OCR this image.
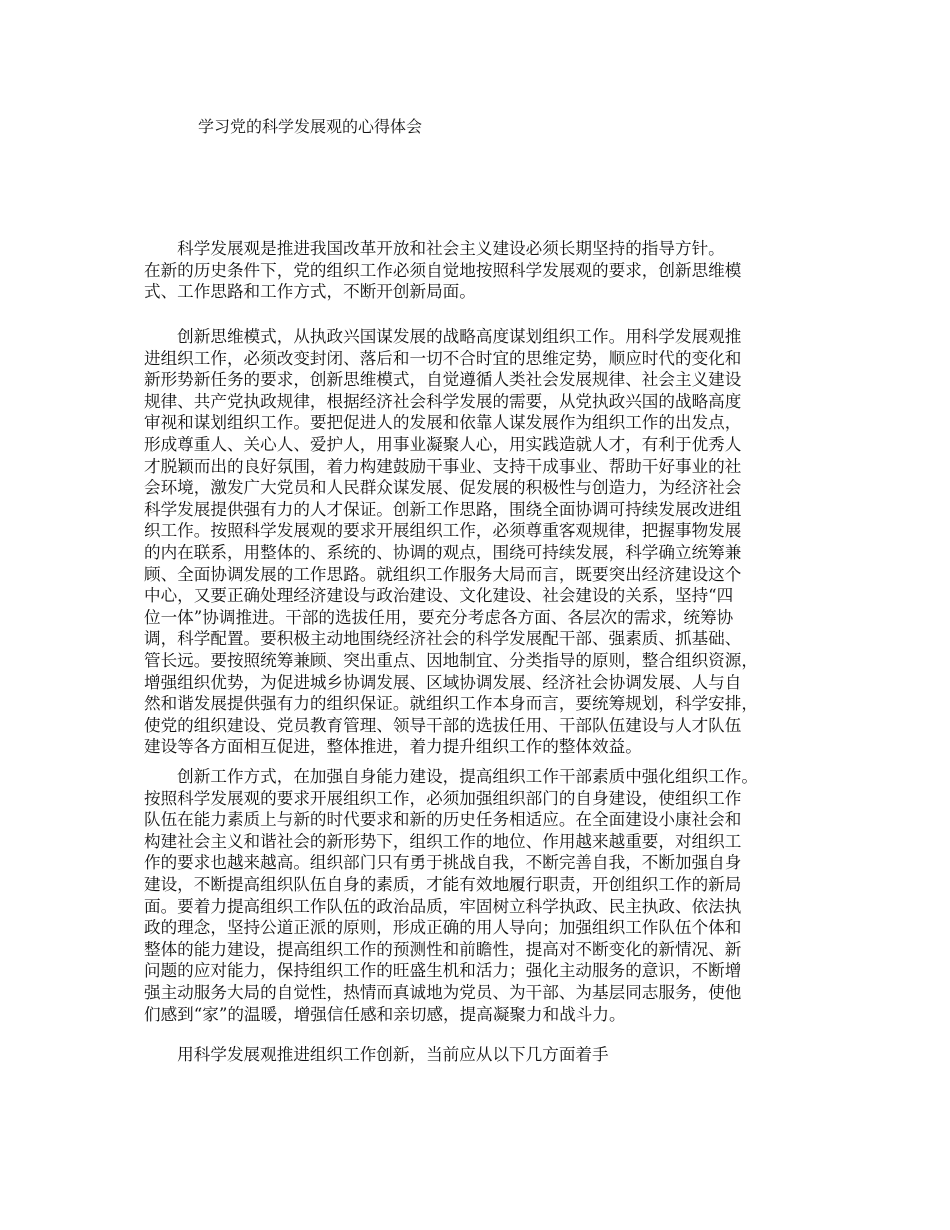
学习党的科学发展观的心得体会
　　科学发展观是推进我国改革开放和社会主义建设必须长期坚持的指导方针。
在新的历史条件下，党的组织工作必须自觉地按照科学发展观的要求，创新思维模
式、工作思路和工作方式，不断开创新局面。
　　创新思维模式，从执政兴国谋发展的战略高度谋划组织工作。用科学发展观推
进组织工作，必须改变封闭、落后和一切不合时宜的思维定势，顺应时代的变化和
新形势新任务的要求，创新思维模式，自觉遵循人类社会发展规律、社会主义建设
规律、共产党执政规律，根据经济社会科学发展的需要，从党执政兴国的战略高度
审视和谋划组织工作。要把促进人的发展和依靠人谋发展作为组织工作的出发点，
形成尊重人、关心人、爱护人，用事业凝聚人心，用实践造就人才，有利于优秀人
才脱颖而出的良好氛围，着力构建鼓励干事业、支持干成事业、帮助干好事业的社
会环境，激发广大党员和人民群众谋发展、促发展的积极性与创造力，为经济社会
科学发展提供强有力的人才保证。创新工作思路，围绕全面协调可持续发展改进组
织工作。按照科学发展观的要求开展组织工作，必须尊重客观规律，把握事物发展
的内在联系，用整体的、系统的、协调的观点，围绕可持续发展，科学确立统筹兼
顾、全面协调发展的工作思路。就组织工作服务大局而言，既要突出经济建设这个
中心，又要正确处理经济建设与政治建设、文化建设、社会建设的关系，坚持“四
位一体”协调推进。干部的选拔任用，要充分考虑各方面、各层次的需求，统筹协
调，科学配置。要积极主动地围绕经济社会的科学发展配干部、强素质、抓基础、
管长远。要按照统筹兼顾、突出重点、因地制宜、分类指导的原则，整合组织资源，
增强组织优势，为促进城乡协调发展、区域协调发展、经济社会协调发展、人与自
然和谐发展提供强有力的组织保证。就组织工作本身而言，要统筹规划，科学安排，
使党的组织建设、党员教育管理、领导干部的选拔任用、干部队伍建设与人才队伍
建设等各方面相互促进，整体推进，着力提升组织工作的整体效益。
　　创新工作方式，在加强自身能力建设，提高组织工作干部素质中强化组织工作。
按照科学发展观的要求开展组织工作，必须加强组织部门的自身建设，使组织工作
队伍在能力素质上与新的时代要求和新的历史任务相适应。在全面建设小康社会和
构建社会主义和谐社会的新形势下，组织工作的地位、作用越来越重要，对组织工
作的要求也越来越高。组织部门只有勇于挑战自我，不断完善自我，不断加强自身
建设，不断提高组织队伍自身的素质，才能有效地履行职责，开创组织工作的新局
面。要着力提高组织工作队伍的政治品质，牢固树立科学执政、民主执政、依法执
政的理念，坚持公道正派的原则，形成正确的用人导向；加强组织工作队伍个体和
整体的能力建设，提高组织工作的预测性和前瞻性，提高对不断变化的新情况、新
问题的应对能力，保持组织工作的旺盛生机和活力；强化主动服务的意识，不断增
强主动服务大局的自觉性，热情而真诚地为党员、为干部、为基层同志服务，使他
们感到“家”的温暖，增强信任感和亲切感，提高凝聚力和战斗力。
　　用科学发展观推进组织工作创新，当前应从以下几方面着手
